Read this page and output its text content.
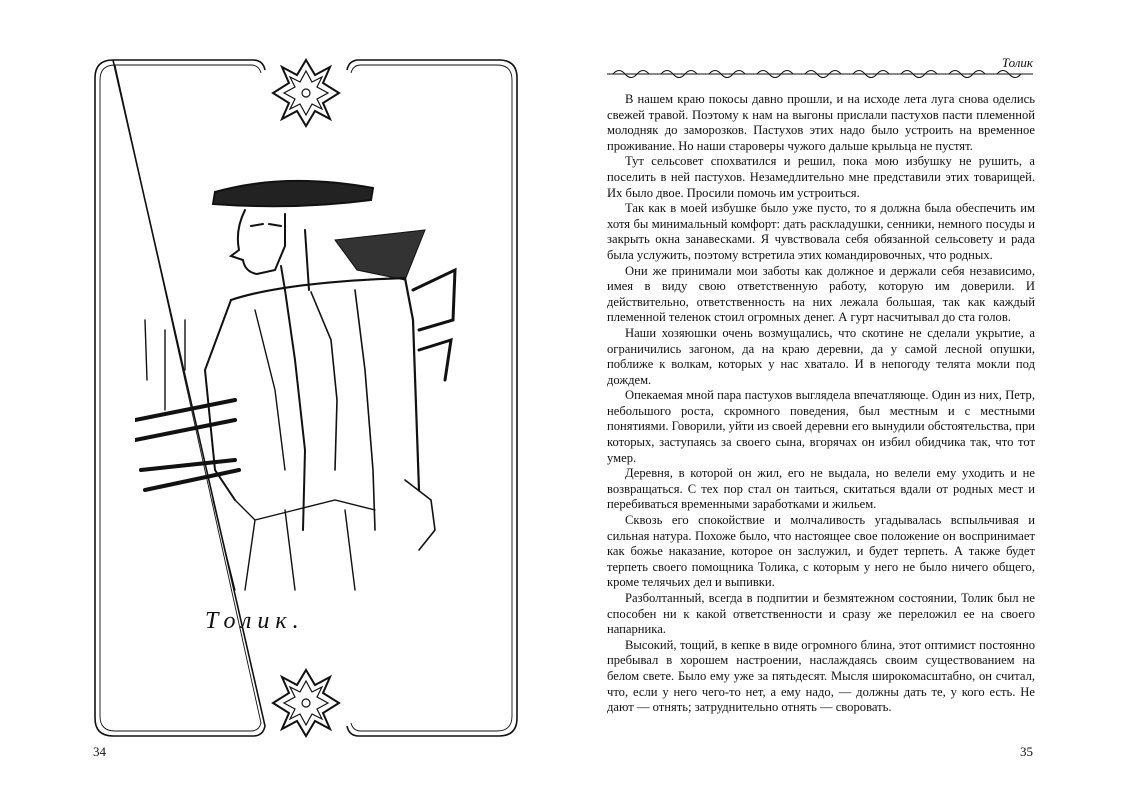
Толик.
34
Толик

В нашем краю покосы давно прошли, и на исходе лета луга снова оделись свежей травой. Поэтому к нам на выгоны прислали пастухов пасти племенной молодняк до заморозков. Пастухов этих надо было устроить на временное проживание. Но наши староверы чужого дальше крыльца не пустят.

Тут сельсовет спохватился и решил, пока мою избушку не рушить, а поселить в ней пастухов. Незамедлительно мне представили этих товарищей. Их было двое. Просили помочь им устроиться.

Так как в моей избушке было уже пусто, то я должна была обеспечить им хотя бы минимальный комфорт: дать раскладушки, сенники, немного посуды и закрыть окна занавесками. Я чувствовала себя обязанной сельсовету и рада была услужить, поэтому встретила этих командировочных, что родных.

Они же принимали мои заботы как должное и держали себя независимо, имея в виду свою ответственную работу, которую им доверили. И действительно, ответственность на них лежала большая, так как каждый племенной теленок стоил огромных денег. А гурт насчитывал до ста голов.

Наши хозяюшки очень возмущались, что скотине не сделали укрытие, а ограничились загоном, да на краю деревни, да у самой лесной опушки, поближе к волкам, которых у нас хватало. И в непогоду телята мокли под дождем.

Опекаемая мной пара пастухов выглядела впечатляюще. Один из них, Петр, небольшого роста, скромного поведения, был местным и с местными понятиями. Говорили, уйти из своей деревни его вынудили обстоятельства, при которых, заступаясь за своего сына, вгорячах он избил обидчика так, что тот умер.

Деревня, в которой он жил, его не выдала, но велели ему уходить и не возвращаться. С тех пор стал он таиться, скитаться вдали от родных мест и перебиваться временными заработками и жильем.

Сквозь его спокойствие и молчаливость угадывалась вспыльчивая и сильная натура. Похоже было, что настоящее свое положение он воспринимает как божье наказание, которое он заслужил, и будет терпеть. А также будет терпеть своего помощника Толика, с которым у него не было ничего общего, кроме телячьих дел и выпивки.

Разболтанный, всегда в подпитии и безмятежном состоянии, Толик был не способен ни к какой ответственности и сразу же переложил ее на своего напарника.

Высокий, тощий, в кепке в виде огромного блина, этот оптимист постоянно пребывал в хорошем настроении, наслаждаясь своим существованием на белом свете. Было ему уже за пятьдесят. Мысля широкомасштабно, он считал, что, если у него чего-то нет, а ему надо, — должны дать те, у кого есть. Не дают — отнять; затруднительно отнять — своровать.

35
